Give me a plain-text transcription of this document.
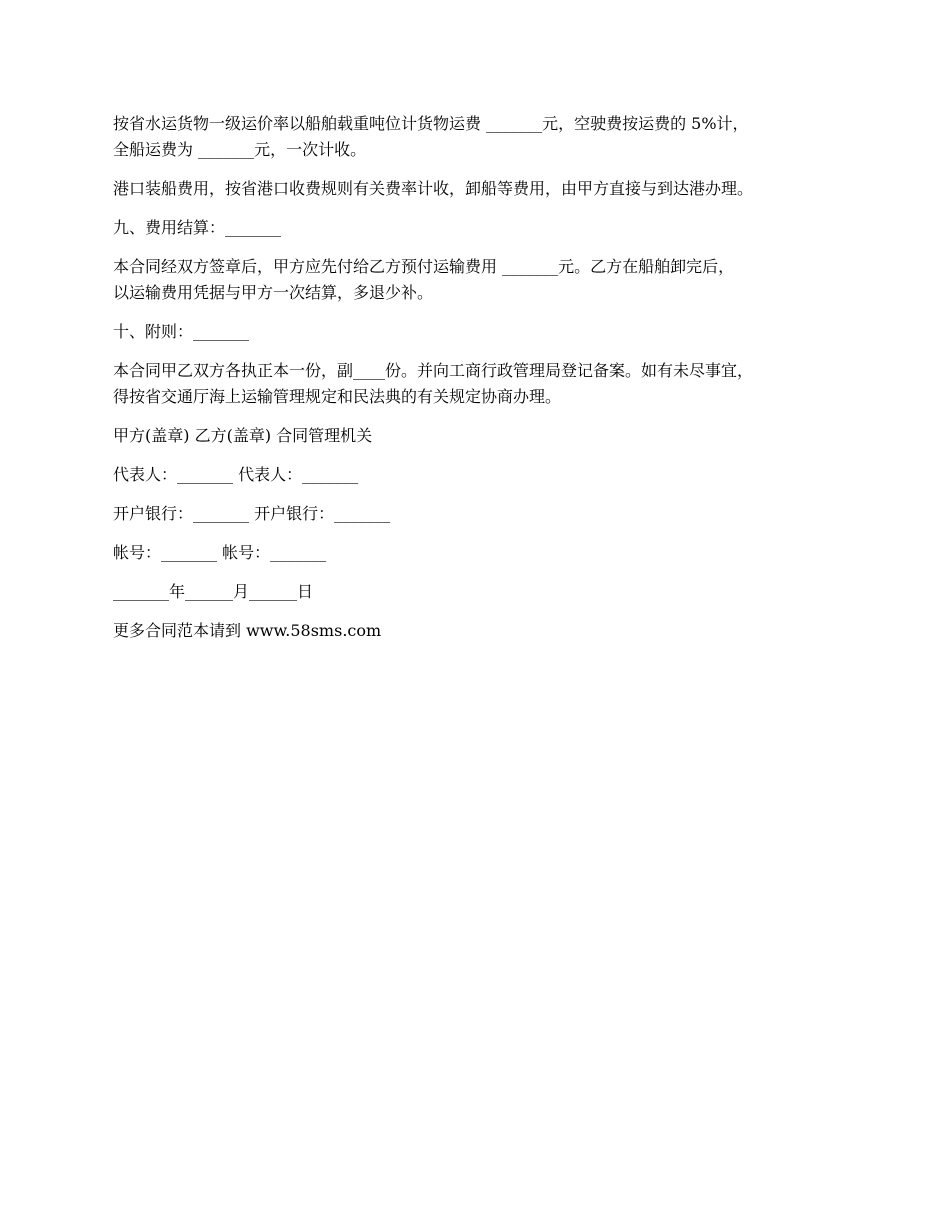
按省水运货物一级运价率以船舶载重吨位计货物运费 _______元，空驶费按运费的 5%计，
全船运费为 _______元，一次计收。

港口装船费用，按省港口收费规则有关费率计收，卸船等费用，由甲方直接与到达港办理。

九、费用结算：_______

本合同经双方签章后，甲方应先付给乙方预付运输费用 _______元。乙方在船舶卸完后，
以运输费用凭据与甲方一次结算，多退少补。

十、附则：_______

本合同甲乙双方各执正本一份，副____份。并向工商行政管理局登记备案。如有未尽事宜，
得按省交通厅海上运输管理规定和民法典的有关规定协商办理。

甲方(盖章) 乙方(盖章) 合同管理机关

代表人：_______ 代表人：_______

开户银行：_______ 开户银行：_______

帐号：_______ 帐号：_______

_______年______月______日

更多合同范本请到 www.58sms.com
